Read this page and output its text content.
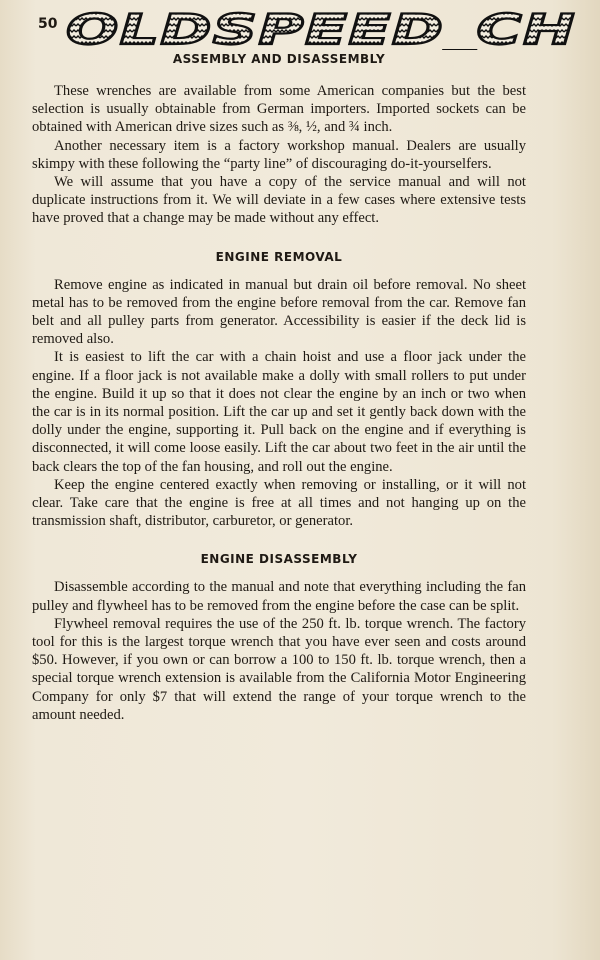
50 OLDSPEED_CH
ASSEMBLY AND DISASSEMBLY

These wrenches are available from some American companies but the best selection is usually obtainable from German importers. Imported sockets can be obtained with American drive sizes such as ⅜, ½, and ¾ inch.

Another necessary item is a factory workshop manual. Dealers are usually skimpy with these following the “party line” of discouraging do-it-yourselfers.

We will assume that you have a copy of the service manual and will not duplicate instructions from it. We will deviate in a few cases where extensive tests have proved that a change may be made without any effect.

ENGINE REMOVAL

Remove engine as indicated in manual but drain oil before removal. No sheet metal has to be removed from the engine before removal from the car. Remove fan belt and all pulley parts from generator. Accessibility is easier if the deck lid is removed also.

It is easiest to lift the car with a chain hoist and use a floor jack under the engine. If a floor jack is not available make a dolly with small rollers to put under the engine. Build it up so that it does not clear the engine by an inch or two when the car is in its normal position. Lift the car up and set it gently back down with the dolly under the engine, supporting it. Pull back on the engine and if everything is disconnected, it will come loose easily. Lift the car about two feet in the air until the back clears the top of the fan housing, and roll out the engine.

Keep the engine centered exactly when removing or installing, or it will not clear. Take care that the engine is free at all times and not hanging up on the transmission shaft, distributor, carburetor, or generator.

ENGINE DISASSEMBLY

Disassemble according to the manual and note that everything including the fan pulley and flywheel has to be removed from the engine before the case can be split.

Flywheel removal requires the use of the 250 ft. lb. torque wrench. The factory tool for this is the largest torque wrench that you have ever seen and costs around $50. However, if you own or can borrow a 100 to 150 ft. lb. torque wrench, then a special torque wrench extension is available from the California Motor Engineering Company for only $7 that will extend the range of your torque wrench to the amount needed.
